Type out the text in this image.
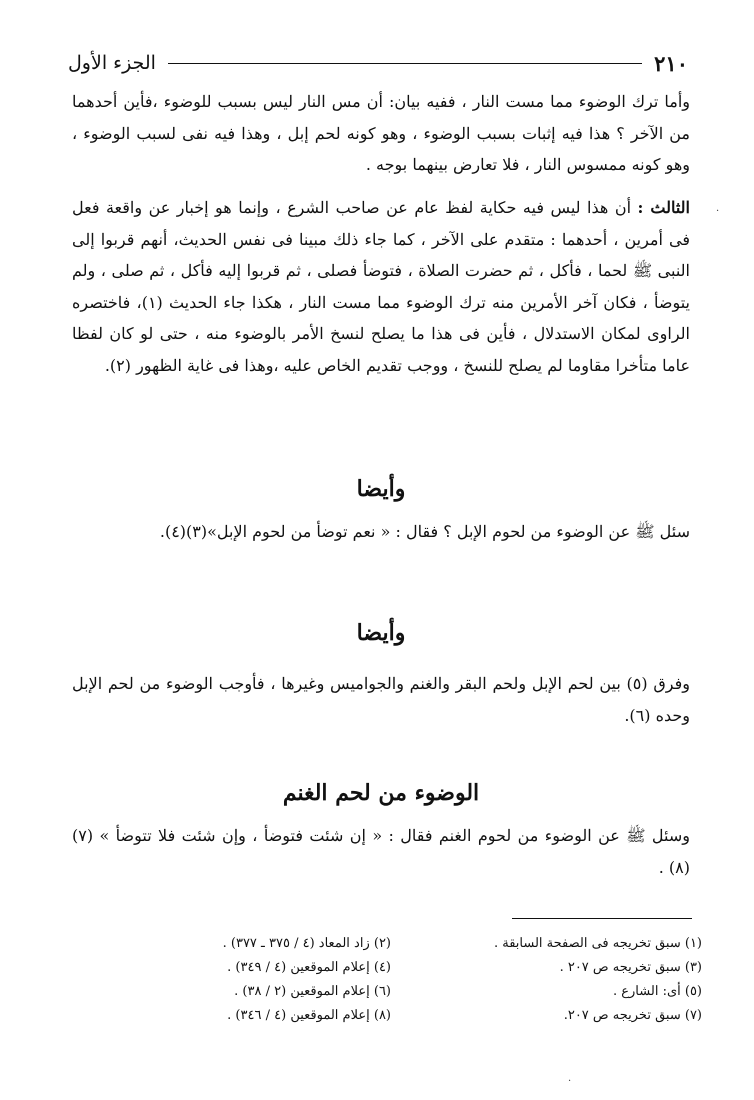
٢١٠
الجزء الأول

وأما ترك الوضوء مما مست النار ، ففيه بيان: أن مس النار ليس بسبب للوضوء ،فأين أحدهما من الآخر ؟ هذا فيه إثبات بسبب الوضوء ، وهو كونه لحم إبل ، وهذا فيه نفى لسبب الوضوء ، وهو كونه ممسوس النار ، فلا تعارض بينهما بوجه .

الثالث : أن هذا ليس فيه حكاية لفظ عام عن صاحب الشرع ، وإنما هو إخبار عن واقعة فعل فى أمرين ، أحدهما : متقدم على الآخر ، كما جاء ذلك مبينا فى نفس الحديث، أنهم قربوا إلى النبى ﷺ لحما ، فأكل ، ثم حضرت الصلاة ، فتوضأ فصلى ، ثم قربوا إليه فأكل ، ثم صلى ، ولم يتوضأ ، فكان آخر الأمرين منه ترك الوضوء مما مست النار ، هكذا جاء الحديث (١)، فاختصره الراوى لمكان الاستدلال ، فأين فى هذا ما يصلح لنسخ الأمر بالوضوء منه ، حتى لو كان لفظا عاما متأخرا مقاوما لم يصلح للنسخ ، ووجب تقديم الخاص عليه ،وهذا فى غاية الظهور (٢).

وأيضا

سئل ﷺ عن الوضوء من لحوم الإبل ؟ فقال : « نعم توضأ من لحوم الإبل»(٣)(٤).

وأيضا

وفرق (٥) بين لحم الإبل ولحم البقر والغنم والجواميس وغيرها ، فأوجب الوضوء من لحم الإبل وحده (٦).

الوضوء من لحم الغنم

وسئل ﷺ عن الوضوء من لحوم الغنم فقال : « إن شئت فتوضأ ، وإن شئت فلا تتوضأ » (٧) (٨) .

(١) سبق تخريجه فى الصفحة السابقة .
(٢) زاد المعاد (٤ / ٣٧٥ ـ ٣٧٧) .
(٣) سبق تخريجه ص ٢٠٧ .
(٤) إعلام الموقعين (٤ / ٣٤٩) .
(٥) أى: الشارع .
(٦) إعلام الموقعين (٢ / ٣٨) .
(٧) سبق تخريجه ص ٢٠٧.
(٨) إعلام الموقعين (٤ / ٣٤٦) .
·
·
